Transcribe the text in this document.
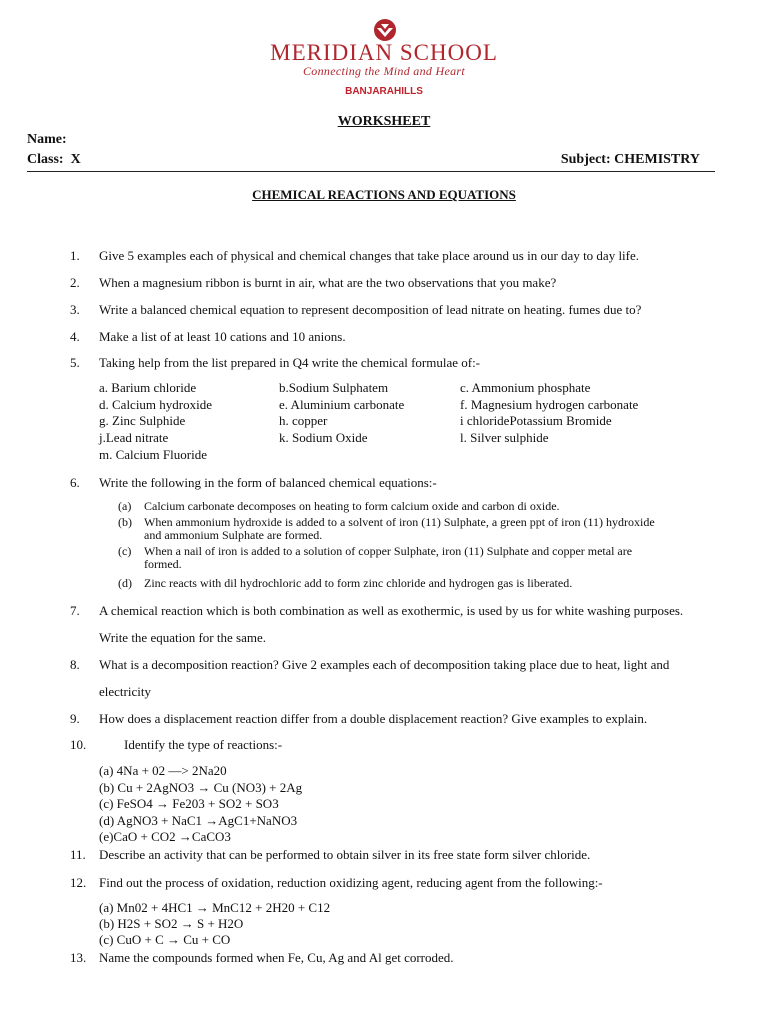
MERIDIAN SCHOOL
Connecting the Mind and Heart
BANJARAHILLS
WORKSHEET
Name:
Class: X	Subject: CHEMISTRY
CHEMICAL REACTIONS AND EQUATIONS
1. Give 5 examples each of physical and chemical changes that take place around us in our day to day life.
2. When a magnesium ribbon is burnt in air, what are the two observations that you make?
3. Write a balanced chemical equation to represent decomposition of lead nitrate on heating. fumes due to?
4. Make a list of at least 10 cations and 10 anions.
5. Taking help from the list prepared in Q4 write the chemical formulae of:-
a. Barium chloride	b.Sodium Sulphatem	c. Ammonium phosphate
d. Calcium hydroxide	e. Aluminium carbonate	f. Magnesium hydrogen carbonate
g. Zinc Sulphide	h. copper	i chloridePotassium Bromide
j.Lead nitrate	k. Sodium Oxide	l. Silver sulphide
m. Calcium Fluoride
6. Write the following in the form of balanced chemical equations:-
(a) Calcium carbonate decomposes on heating to form calcium oxide and carbon di oxide.
(b) When ammonium hydroxide is added to a solvent of iron (11) Sulphate, a green ppt of iron (11) hydroxide
and ammonium Sulphate are formed.
(c) When a nail of iron is added to a solution of copper Sulphate, iron (11) Sulphate and copper metal are
formed.
(d) Zinc reacts with dil hydrochloric add to form zinc chloride and hydrogen gas is liberated.
7. A chemical reaction which is both combination as well as exothermic, is used by us for white washing purposes.
Write the equation for the same.
8. What is a decomposition reaction? Give 2 examples each of decomposition taking place due to heat, light and
electricity
9. How does a displacement reaction differ from a double displacement reaction? Give examples to explain.
10.	Identify the type of reactions:-
(a) 4Na + 02 —> 2Na20
(b) Cu + 2AgNO3 → Cu (NO3) + 2Ag
(c) FeSO4 → Fe203 + SO2 + SO3
(d) AgNO3 + NaC1 →AgC1+NaNO3
(e)CaO + CO2 →CaCO3
11. Describe an activity that can be performed to obtain silver in its free state form silver chloride.
12. Find out the process of oxidation, reduction oxidizing agent, reducing agent from the following:-
(a) Mn02 + 4HC1 → MnC12 + 2H20 + C12
(b) H2S + SO2 → S + H2O
(c) CuO + C → Cu + CO
13. Name the compounds formed when Fe, Cu, Ag and Al get corroded.
